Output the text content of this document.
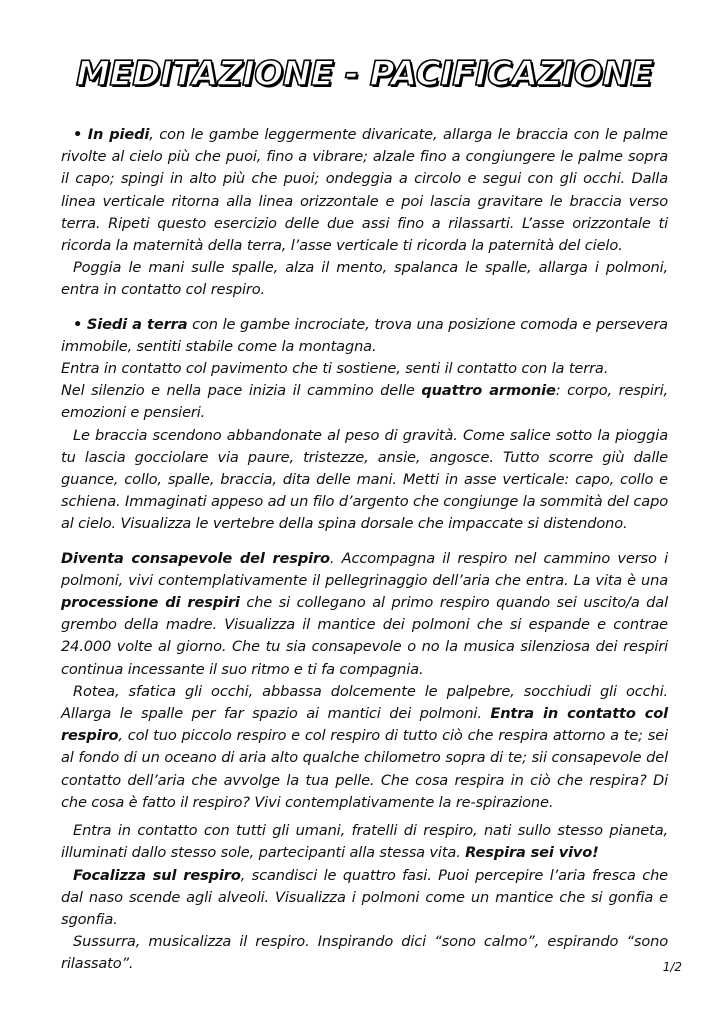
MEDITAZIONE - PACIFICAZIONE

• In piedi, con le gambe leggermente divaricate, allarga le braccia con le palme rivolte al cielo più che puoi, fino a vibrare; alzale fino a congiungere le palme sopra il capo; spingi in alto più che puoi; ondeggia a circolo e segui con gli occhi. Dalla linea verticale ritorna alla linea orizzontale e poi lascia gravitare le braccia verso terra. Ripeti questo esercizio delle due assi fino a rilassarti. L’asse orizzontale ti ricorda la maternità della terra, l’asse verticale ti ricorda la paternità del cielo.

Poggia le mani sulle spalle, alza il mento, spalanca le spalle, allarga i polmoni, entra in contatto col respiro.

• Siedi a terra con le gambe incrociate, trova una posizione comoda e persevera immobile, sentiti stabile come la montagna.

Entra in contatto col pavimento che ti sostiene, senti il contatto con la terra.

Nel silenzio e nella pace inizia il cammino delle quattro armonie: corpo, respiri, emozioni e pensieri.

Le braccia scendono abbandonate al peso di gravità. Come salice sotto la pioggia tu lascia gocciolare via paure, tristezze, ansie, angosce. Tutto scorre giù dalle guance, collo, spalle, braccia, dita delle mani. Metti in asse verticale: capo, collo e schiena. Immaginati appeso ad un filo d’argento che congiunge la sommità del capo al cielo. Visualizza le vertebre della spina dorsale che impaccate si distendono.

Diventa consapevole del respiro. Accompagna il respiro nel cammino verso i polmoni, vivi contemplativamente il pellegrinaggio dell’aria che entra. La vita è una processione di respiri che si collegano al primo respiro quando sei uscito/a dal grembo della madre. Visualizza il mantice dei polmoni che si espande e contrae 24.000 volte al giorno. Che tu sia consapevole o no la musica silenziosa dei respiri continua incessante il suo ritmo e ti fa compagnia.

Rotea, sfatica gli occhi, abbassa dolcemente le palpebre, socchiudi gli occhi. Allarga le spalle per far spazio ai mantici dei polmoni. Entra in contatto col respiro, col tuo piccolo respiro e col respiro di tutto ciò che respira attorno a te; sei al fondo di un oceano di aria alto qualche chilometro sopra di te; sii consapevole del contatto dell’aria che avvolge la tua pelle. Che cosa respira in ciò che respira? Di che cosa è fatto il respiro? Vivi contemplativamente la re-spirazione.

Entra in contatto con tutti gli umani, fratelli di respiro, nati sullo stesso pianeta, illuminati dallo stesso sole, partecipanti alla stessa vita. Respira sei vivo!

Focalizza sul respiro, scandisci le quattro fasi. Puoi percepire l’aria fresca che dal naso scende agli alveoli. Visualizza i polmoni come un mantice che si gonfia e sgonfia.

Sussurra, musicalizza il respiro. Inspirando dici “sono calmo”, espirando “sono rilassato”.	1/2
